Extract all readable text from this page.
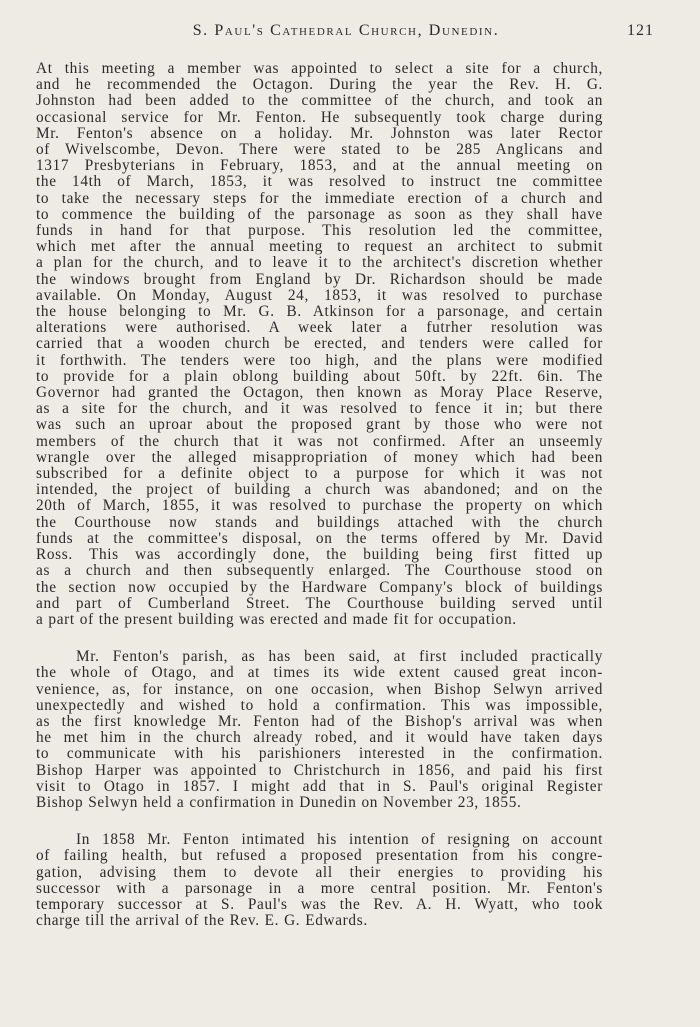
S. Paul's Cathedral Church, Dunedin.	121
At this meeting a member was appointed to select a site for a church,
and he recommended the Octagon. During the year the Rev. H. G.
Johnston had been added to the committee of the church, and took an
occasional service for Mr. Fenton. He subsequently took charge during
Mr. Fenton's absence on a holiday. Mr. Johnston was later Rector
of Wivelscombe, Devon. There were stated to be 285 Anglicans and
1317 Presbyterians in February, 1853, and at the annual meeting on
the 14th of March, 1853, it was resolved to instruct tne committee
to take the necessary steps for the immediate erection of a church and
to commence the building of the parsonage as soon as they shall have
funds in hand for that purpose. This resolution led the committee,
which met after the annual meeting to request an architect to submit
a plan for the church, and to leave it to the architect's discretion whether
the windows brought from England by Dr. Richardson should be made
available. On Monday, August 24, 1853, it was resolved to purchase
the house belonging to Mr. G. B. Atkinson for a parsonage, and certain
alterations were authorised. A week later a futrher resolution was
carried that a wooden church be erected, and tenders were called for
it forthwith. The tenders were too high, and the plans were modified
to provide for a plain oblong building about 50ft. by 22ft. 6in. The
Governor had granted the Octagon, then known as Moray Place Reserve,
as a site for the church, and it was resolved to fence it in; but there
was such an uproar about the proposed grant by those who were not
members of the church that it was not confirmed. After an unseemly
wrangle over the alleged misappropriation of money which had been
subscribed for a definite object to a purpose for which it was not
intended, the project of building a church was abandoned; and on the
20th of March, 1855, it was resolved to purchase the property on which
the Courthouse now stands and buildings attached with the church
funds at the committee's disposal, on the terms offered by Mr. David
Ross. This was accordingly done, the building being first fitted up
as a church and then subsequently enlarged. The Courthouse stood on
the section now occupied by the Hardware Company's block of buildings
and part of Cumberland Street. The Courthouse building served until
a part of the present building was erected and made fit for occupation.
Mr. Fenton's parish, as has been said, at first included practically
the whole of Otago, and at times its wide extent caused great incon-
venience, as, for instance, on one occasion, when Bishop Selwyn arrived
unexpectedly and wished to hold a confirmation. This was impossible,
as the first knowledge Mr. Fenton had of the Bishop's arrival was when
he met him in the church already robed, and it would have taken days
to communicate with his parishioners interested in the confirmation.
Bishop Harper was appointed to Christchurch in 1856, and paid his first
visit to Otago in 1857. I might add that in S. Paul's original Register
Bishop Selwyn held a confirmation in Dunedin on November 23, 1855.
In 1858 Mr. Fenton intimated his intention of resigning on account
of failing health, but refused a proposed presentation from his congre-
gation, advising them to devote all their energies to providing his
successor with a parsonage in a more central position. Mr. Fenton's
temporary successor at S. Paul's was the Rev. A. H. Wyatt, who took
charge till the arrival of the Rev. E. G. Edwards.
